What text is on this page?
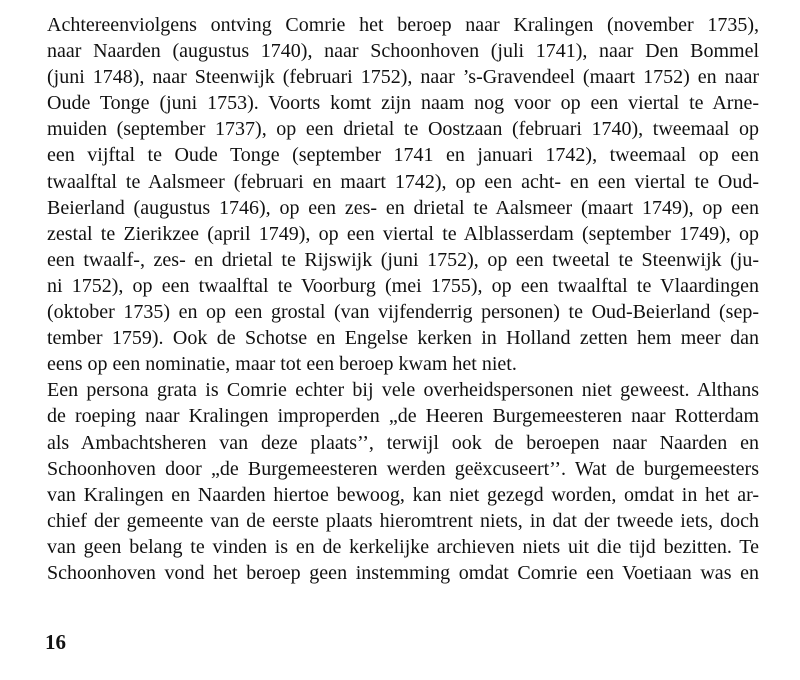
Achtereenviolgens ontving Comrie het beroep naar Kralingen (november 1735),
naar Naarden (augustus 1740), naar Schoonhoven (juli 1741), naar Den Bommel
(juni 1748), naar Steenwijk (februari 1752), naar ’s-Gravendeel (maart 1752) en naar
Oude Tonge (juni 1753). Voorts komt zijn naam nog voor op een viertal te Arne-
muiden (september 1737), op een drietal te Oostzaan (februari 1740), tweemaal op
een vijftal te Oude Tonge (september 1741 en januari 1742), tweemaal op een
twaalftal te Aalsmeer (februari en maart 1742), op een acht- en een viertal te Oud-
Beierland (augustus 1746), op een zes- en drietal te Aalsmeer (maart 1749), op een
zestal te Zierikzee (april 1749), op een viertal te Alblasserdam (september 1749), op
een twaalf-, zes- en drietal te Rijswijk (juni 1752), op een tweetal te Steenwijk (ju-
ni 1752), op een twaalftal te Voorburg (mei 1755), op een twaalftal te Vlaardingen
(oktober 1735) en op een grostal (van vijfenderrig personen) te Oud-Beierland (sep-
tember 1759). Ook de Schotse en Engelse kerken in Holland zetten hem meer dan
eens op een nominatie, maar tot een beroep kwam het niet.
Een persona grata is Comrie echter bij vele overheidspersonen niet geweest. Althans
de roeping naar Kralingen improperden „de Heeren Burgemeesteren naar Rotterdam
als Ambachtsheren van deze plaats’’, terwijl ook de beroepen naar Naarden en
Schoonhoven door „de Burgemeesteren werden geëxcuseert’’. Wat de burgemeesters
van Kralingen en Naarden hiertoe bewoog, kan niet gezegd worden, omdat in het ar-
chief der gemeente van de eerste plaats hieromtrent niets, in dat der tweede iets, doch
van geen belang te vinden is en de kerkelijke archieven niets uit die tijd bezitten. Te
Schoonhoven vond het beroep geen instemming omdat Comrie een Voetiaan was en
16
